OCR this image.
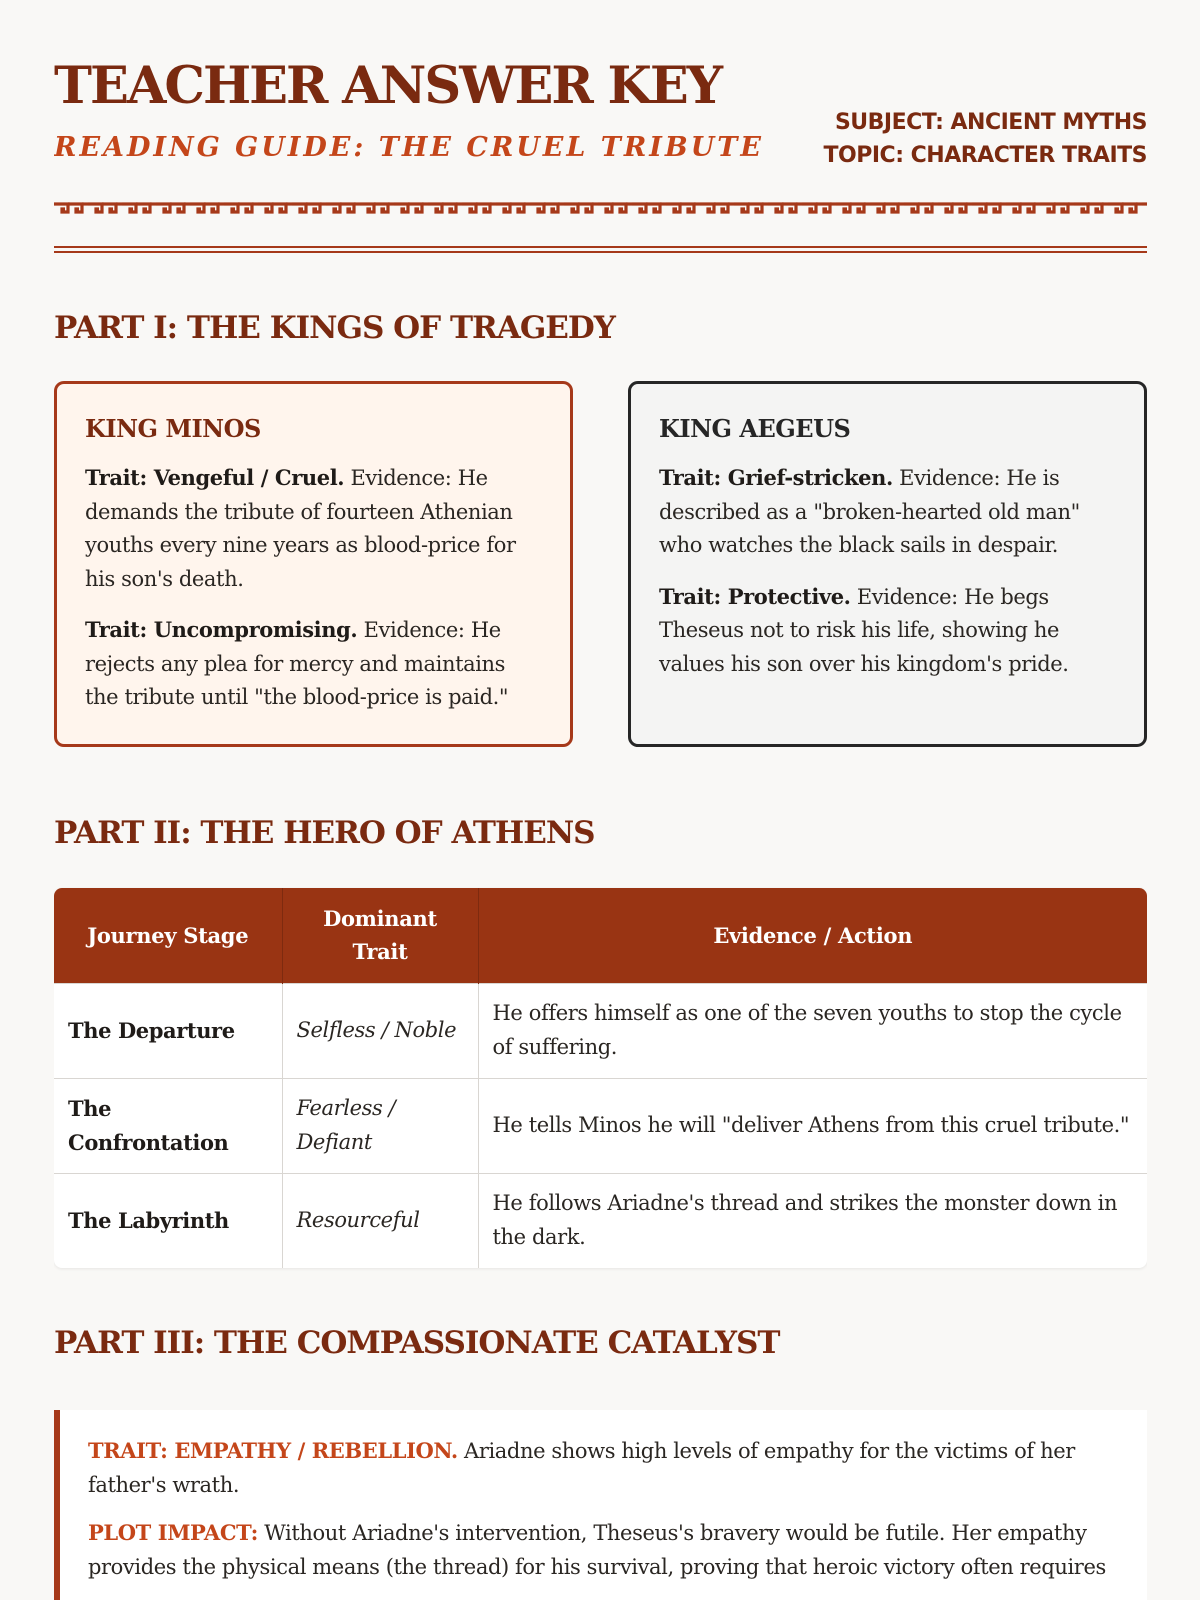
TEACHER ANSWER KEY
READING GUIDE: THE CRUEL TRIBUTE
SUBJECT: ANCIENT MYTHS
TOPIC: CHARACTER TRAITS
PART I: THE KINGS OF TRAGEDY
KING MINOS

Trait: Vengeful / Cruel. Evidence: He demands the tribute of fourteen Athenian youths every nine years as blood-price for his son's death.

Trait: Uncompromising. Evidence: He rejects any plea for mercy and maintains the tribute until "the blood-price is paid."

KING AEGEUS

Trait: Grief-stricken. Evidence: He is described as a "broken-hearted old man" who watches the black sails in despair.

Trait: Protective. Evidence: He begs Theseus not to risk his life, showing he values his son over his kingdom's pride.

PART II: THE HERO OF ATHENS
Journey Stage	Dominant Trait	Evidence / Action
The Departure	Selfless / Noble	He offers himself as one of the seven youths to stop the cycle of suffering.
The Confrontation	Fearless / Defiant	He tells Minos he will "deliver Athens from this cruel tribute."
The Labyrinth	Resourceful	He follows Ariadne's thread and strikes the monster down in the dark.
PART III: THE COMPASSIONATE CATALYST

TRAIT: EMPATHY / REBELLION. Ariadne shows high levels of empathy for the victims of her father's wrath.

PLOT IMPACT: Without Ariadne's intervention, Theseus's bravery would be futile. Her empathy provides the physical means (the thread) for his survival, proving that heroic victory often requires
